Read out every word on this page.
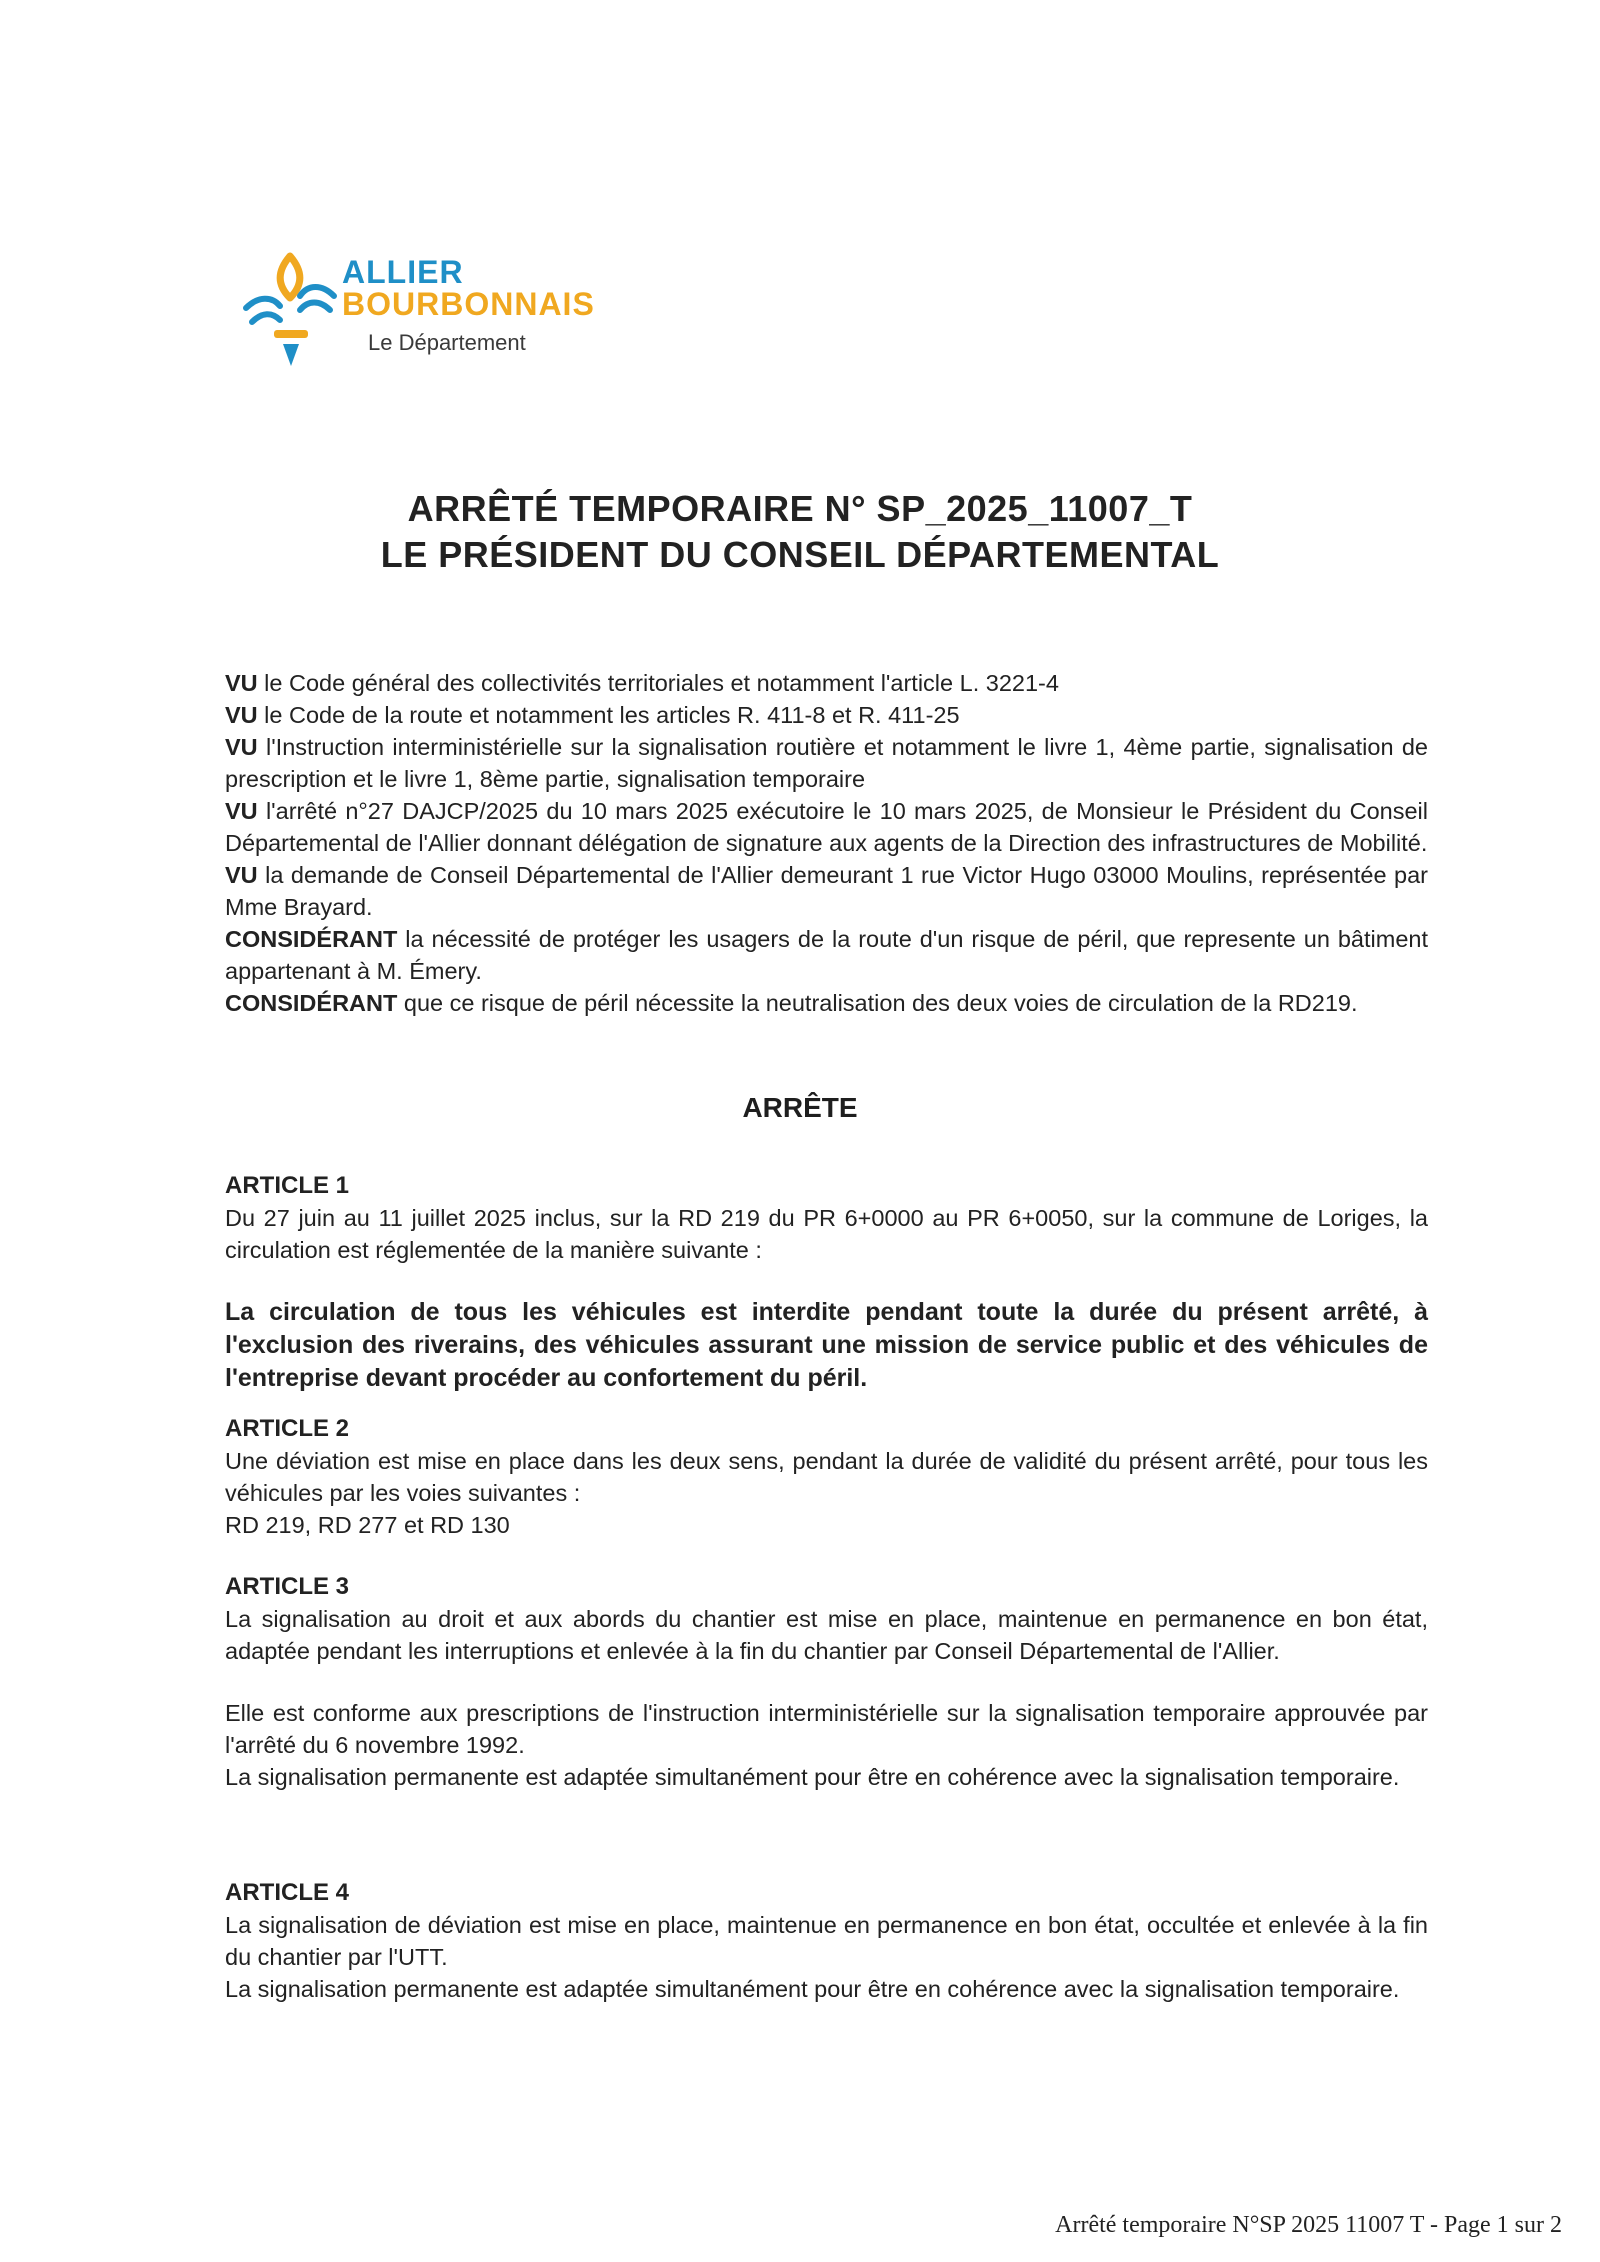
ALLIER
BOURBONNAIS
Le Département
ARRÊTÉ TEMPORAIRE N° SP_2025_11007_T
LE PRÉSIDENT DU CONSEIL DÉPARTEMENTAL

VU le Code général des collectivités territoriales et notamment l'article L. 3221-4

VU le Code de la route et notamment les articles R. 411-8 et R. 411-25

VU l'Instruction interministérielle sur la signalisation routière et notamment le livre 1, 4ème partie, signalisation de prescription et le livre 1, 8ème partie, signalisation temporaire

VU l'arrêté n°27 DAJCP/2025 du 10 mars 2025 exécutoire le 10 mars 2025, de Monsieur le Président du Conseil Départemental de l'Allier donnant délégation de signature aux agents de la Direction des infrastructures de Mobilité.

VU la demande de Conseil Départemental de l'Allier demeurant 1 rue Victor Hugo 03000 Moulins, représentée par Mme Brayard.

CONSIDÉRANT la nécessité de protéger les usagers de la route d'un risque de péril, que represente un bâtiment appartenant à M. Émery.

CONSIDÉRANT que ce risque de péril nécessite la neutralisation des deux voies de circulation de la RD219.

ARRÊTE

ARTICLE 1

Du 27 juin au 11 juillet 2025 inclus, sur la RD 219 du PR 6+0000 au PR 6+0050, sur la commune de Loriges, la circulation est réglementée de la manière suivante :

La circulation de tous les véhicules est interdite pendant toute la durée du présent arrêté, à l'exclusion des riverains, des véhicules assurant une mission de service public et des véhicules de l'entreprise devant procéder au confortement du péril.

ARTICLE 2

Une déviation est mise en place dans les deux sens, pendant la durée de validité du présent arrêté, pour tous les véhicules par les voies suivantes :

RD 219, RD 277 et RD 130

ARTICLE 3

La signalisation au droit et aux abords du chantier est mise en place, maintenue en permanence en bon état, adaptée pendant les interruptions et enlevée à la fin du chantier par Conseil Départemental de l'Allier.

Elle est conforme aux prescriptions de l'instruction interministérielle sur la signalisation temporaire approuvée par l'arrêté du 6 novembre 1992.

La signalisation permanente est adaptée simultanément pour être en cohérence avec la signalisation temporaire.

ARTICLE 4

La signalisation de déviation est mise en place, maintenue en permanence en bon état, occultée et enlevée à la fin du chantier par l'UTT.

La signalisation permanente est adaptée simultanément pour être en cohérence avec la signalisation temporaire.

Arrêté temporaire N°SP 2025 11007 T - Page 1 sur 2
